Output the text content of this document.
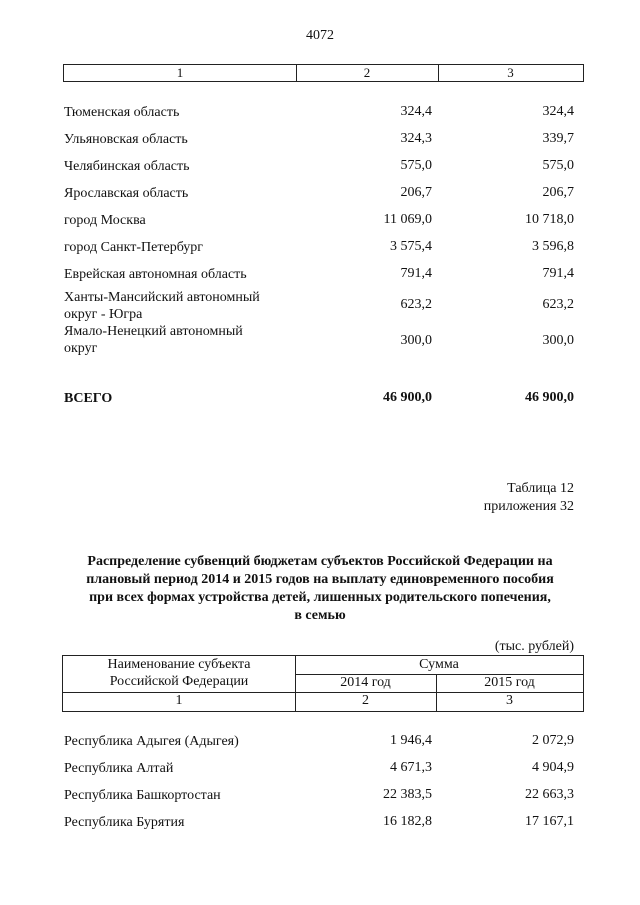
4072
1	2	3
Тюменская область	324,4	324,4
Ульяновская область	324,3	339,7
Челябинская область	575,0	575,0
Ярославская область	206,7	206,7
город Москва	11 069,0	10 718,0
город Санкт-Петербург	3 575,4	3 596,8
Еврейская автономная область	791,4	791,4
Ханты-Мансийский автономный
округ - Югра
623,2	623,2
Ямало-Ненецкий автономный
округ
300,0	300,0
ВСЕГО	46 900,0	46 900,0
Таблица 12
приложения 32
Распределение субвенций бюджетам субъектов Российской Федерации на
плановый период 2014 и 2015 годов на выплату единовременного пособия
при всех формах устройства детей, лишенных родительского попечения,
в семью
(тыс. рублей)
Наименование субъекта
Российской Федерации
Сумма
2014 год	2015 год
1	2	3
Республика Адыгея (Адыгея)	1 946,4	2 072,9
Республика Алтай	4 671,3	4 904,9
Республика Башкортостан	22 383,5	22 663,3
Республика Бурятия	16 182,8	17 167,1
